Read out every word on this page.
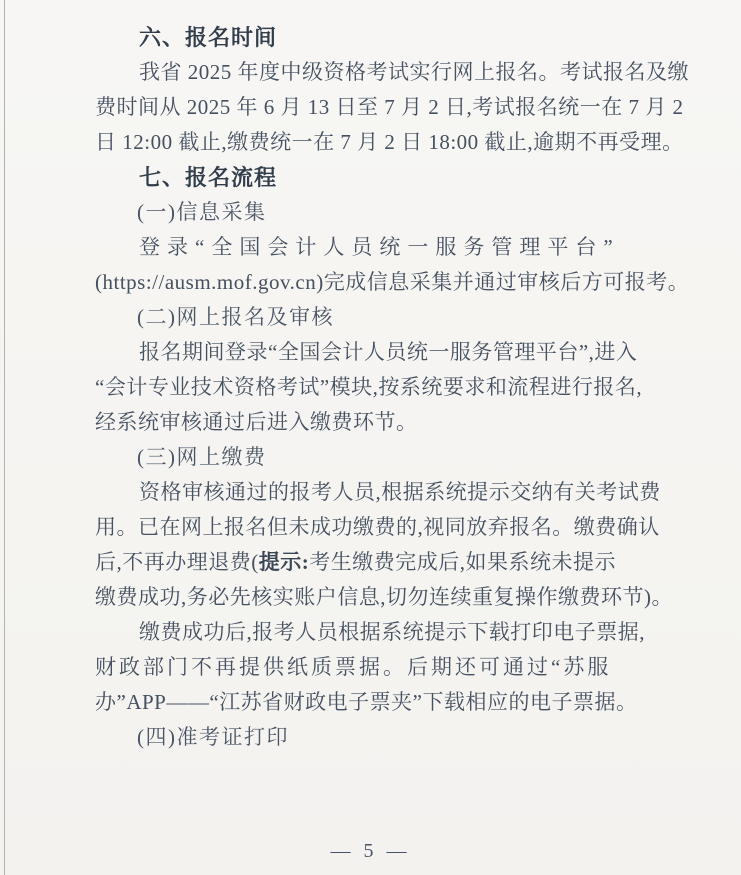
六、报名时间
我省 2025 年度中级资格考试实行网上报名。考试报名及缴
费时间从 2025 年 6 月 13 日至 7 月 2 日,考试报名统一在 7 月 2
日 12:00 截止,缴费统一在 7 月 2 日 18:00 截止,逾期不再受理。
七、报名流程
(一)信息采集
登录“全国会计人员统一服务管理平台”
(https://ausm.mof.gov.cn)完成信息采集并通过审核后方可报考。
(二)网上报名及审核
报名期间登录“全国会计人员统一服务管理平台”,进入
“会计专业技术资格考试”模块,按系统要求和流程进行报名,
经系统审核通过后进入缴费环节。
(三)网上缴费
资格审核通过的报考人员,根据系统提示交纳有关考试费
用。已在网上报名但未成功缴费的,视同放弃报名。缴费确认
后,不再办理退费(提示:考生缴费完成后,如果系统未提示
缴费成功,务必先核实账户信息,切勿连续重复操作缴费环节)。
缴费成功后,报考人员根据系统提示下载打印电子票据,
财政部门不再提供纸质票据。后期还可通过“苏服
办”APP——“江苏省财政电子票夹”下载相应的电子票据。
(四)准考证打印
— 5 —
